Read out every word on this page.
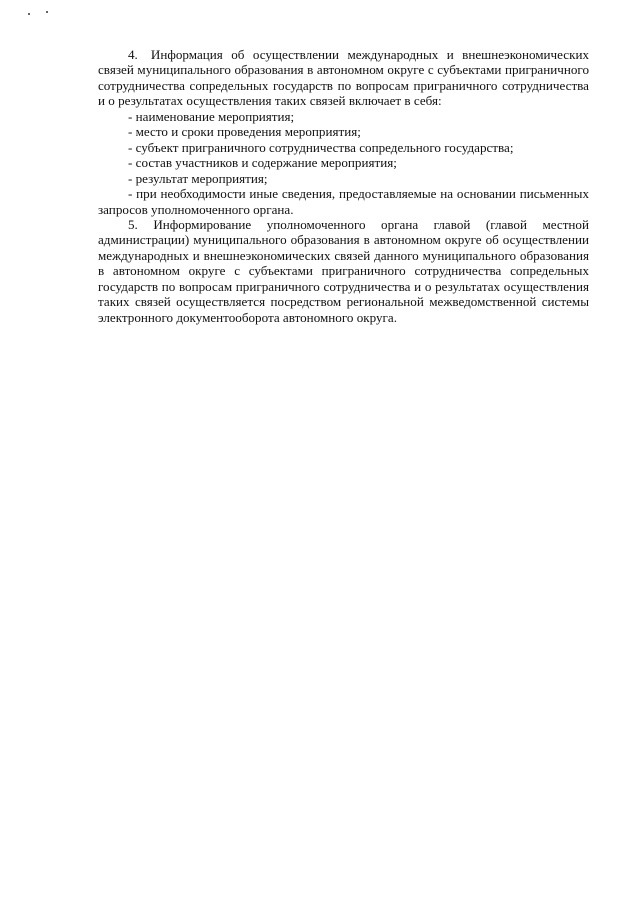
4. Информация об осуществлении международных и внешнеэкономических связей муниципального образования в автономном округе с субъектами приграничного сотрудничества сопредельных государств по вопросам приграничного сотрудничества и о результатах осуществления таких связей включает в себя:

- наименование мероприятия;
- место и сроки проведения мероприятия;
- субъект приграничного сотрудничества сопредельного государства;
- состав участников и содержание мероприятия;
- результат мероприятия;
- при необходимости иные сведения, предоставляемые на основании письменных запросов уполномоченного органа.

5. Информирование уполномоченного органа главой (главой местной администрации) муниципального образования в автономном округе об осуществлении международных и внешнеэкономических связей данного муниципального образования в автономном округе с субъектами приграничного сотрудничества сопредельных государств по вопросам приграничного сотрудничества и о результатах осуществления таких связей осуществляется посредством региональной межведомственной системы электронного документооборота автономного округа.
